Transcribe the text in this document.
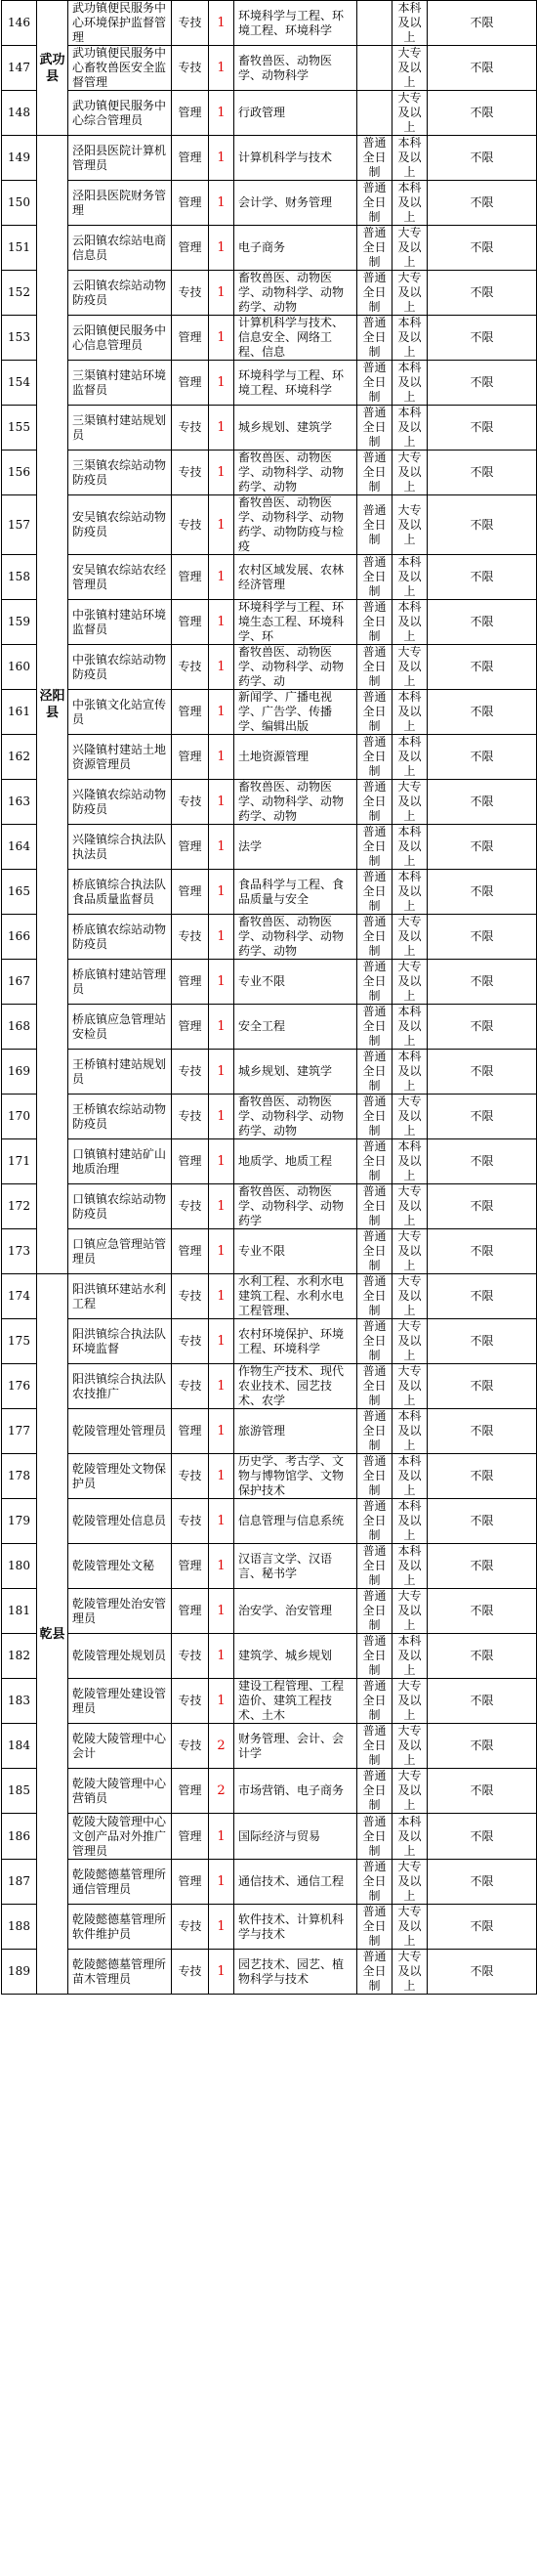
146	武功县	武功镇便民服务中心环境保护监督管理	专技	1	环境科学与工程、环境工程、环境科学		本科及以上	不限
147		武功镇便民服务中心畜牧兽医安全监督管理	专技	1	畜牧兽医、动物医学、动物科学		大专及以上	不限
148		武功镇便民服务中心综合管理员	管理	1	行政管理		大专及以上	不限
149	泾阳县	泾阳县医院计算机管理员	管理	1	计算机科学与技术	普通全日制	本科及以上	不限
150		泾阳县医院财务管理	管理	1	会计学、财务管理	普通全日制	本科及以上	不限
151		云阳镇农综站电商信息员	管理	1	电子商务	普通全日制	大专及以上	不限
152		云阳镇农综站动物防疫员	专技	1	畜牧兽医、动物医学、动物科学、动物药学、动物	普通全日制	大专及以上	不限
153		云阳镇便民服务中心信息管理员	管理	1	计算机科学与技术、信息安全、网络工程、信息	普通全日制	本科及以上	不限
154		三渠镇村建站环境监督员	管理	1	环境科学与工程、环境工程、环境科学	普通全日制	本科及以上	不限
155		三渠镇村建站规划员	专技	1	城乡规划、建筑学	普通全日制	本科及以上	不限
156		三渠镇农综站动物防疫员	专技	1	畜牧兽医、动物医学、动物科学、动物药学、动物	普通全日制	大专及以上	不限
157		安吴镇农综站动物防疫员	专技	1	畜牧兽医、动物医学、动物科学、动物药学、动物防疫与检疫	普通全日制	大专及以上	不限
158		安吴镇农综站农经管理员	管理	1	农村区域发展、农林经济管理	普通全日制	本科及以上	不限
159		中张镇村建站环境监督员	管理	1	环境科学与工程、环境生态工程、环境科学、环	普通全日制	本科及以上	不限
160		中张镇农综站动物防疫员	专技	1	畜牧兽医、动物医学、动物科学、动物药学、动	普通全日制	大专及以上	不限
161		中张镇文化站宣传员	管理	1	新闻学、广播电视学、广告学、传播学、编辑出版	普通全日制	本科及以上	不限
162		兴隆镇村建站土地资源管理员	管理	1	土地资源管理	普通全日制	本科及以上	不限
163		兴隆镇农综站动物防疫员	专技	1	畜牧兽医、动物医学、动物科学、动物药学、动物	普通全日制	大专及以上	不限
164		兴隆镇综合执法队执法员	管理	1	法学	普通全日制	本科及以上	不限
165		桥底镇综合执法队食品质量监督员	管理	1	食品科学与工程、食品质量与安全	普通全日制	本科及以上	不限
166		桥底镇农综站动物防疫员	专技	1	畜牧兽医、动物医学、动物科学、动物药学、动物	普通全日制	大专及以上	不限
167		桥底镇村建站管理员	管理	1	专业不限	普通全日制	大专及以上	不限
168		桥底镇应急管理站安检员	管理	1	安全工程	普通全日制	本科及以上	不限
169		王桥镇村建站规划员	专技	1	城乡规划、建筑学	普通全日制	本科及以上	不限
170		王桥镇农综站动物防疫员	专技	1	畜牧兽医、动物医学、动物科学、动物药学、动物	普通全日制	大专及以上	不限
171		口镇镇村建站矿山地质治理	管理	1	地质学、地质工程	普通全日制	本科及以上	不限
172		口镇镇农综站动物防疫员	专技	1	畜牧兽医、动物医学、动物科学、动物药学	普通全日制	大专及以上	不限
173		口镇应急管理站管理员	管理	1	专业不限	普通全日制	大专及以上	不限
174	乾县	阳洪镇环建站水利工程	专技	1	水利工程、水利水电建筑工程、水利水电工程管理、	普通全日制	大专及以上	不限
175		阳洪镇综合执法队环境监督	专技	1	农村环境保护、环境工程、环境科学	普通全日制	大专及以上	不限
176		阳洪镇综合执法队农技推广	专技	1	作物生产技术、现代农业技术、园艺技术、农学	普通全日制	大专及以上	不限
177		乾陵管理处管理员	管理	1	旅游管理	普通全日制	本科及以上	不限
178		乾陵管理处文物保护员	专技	1	历史学、考古学、文物与博物馆学、文物保护技术	普通全日制	本科及以上	不限
179		乾陵管理处信息员	专技	1	信息管理与信息系统	普通全日制	本科及以上	不限
180		乾陵管理处文秘	管理	1	汉语言文学、汉语言、秘书学	普通全日制	本科及以上	不限
181		乾陵管理处治安管理员	管理	1	治安学、治安管理	普通全日制	大专及以上	不限
182		乾陵管理处规划员	专技	1	建筑学、城乡规划	普通全日制	本科及以上	不限
183		乾陵管理处建设管理员	专技	1	建设工程管理、工程造价、建筑工程技术、土木	普通全日制	大专及以上	不限
184		乾陵大陵管理中心会计	专技	2	财务管理、会计、会计学	普通全日制	大专及以上	不限
185		乾陵大陵管理中心营销员	管理	2	市场营销、电子商务	普通全日制	大专及以上	不限
186		乾陵大陵管理中心文创产品对外推广管理员	管理	1	国际经济与贸易	普通全日制	本科及以上	不限
187		乾陵懿德墓管理所通信管理员	管理	1	通信技术、通信工程	普通全日制	大专及以上	不限
188		乾陵懿德墓管理所软件维护员	专技	1	软件技术、计算机科学与技术	普通全日制	大专及以上	不限
189		乾陵懿德墓管理所苗木管理员	专技	1	园艺技术、园艺、植物科学与技术	普通全日制	大专及以上	不限
